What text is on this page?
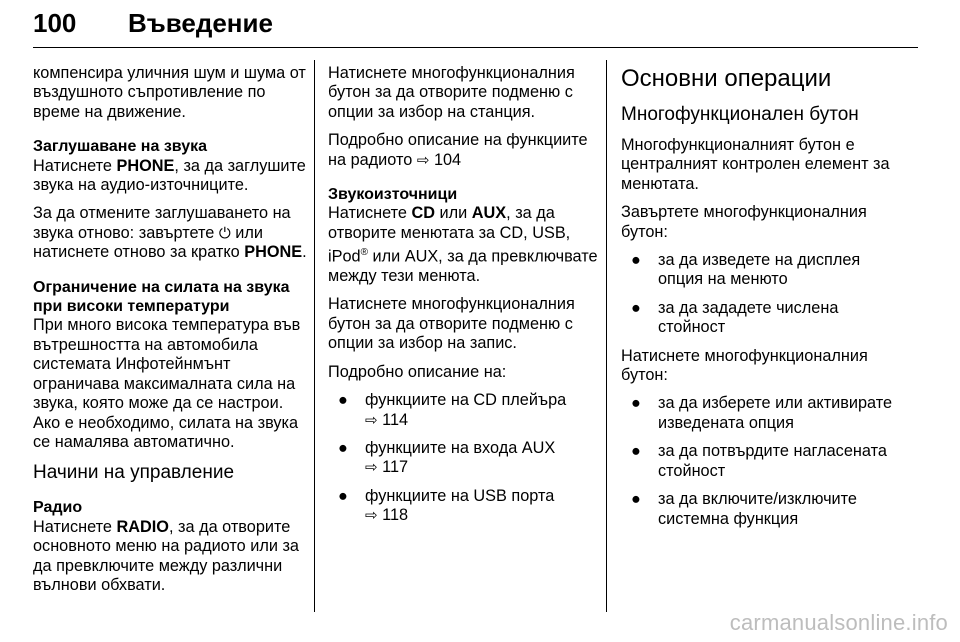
100 Въведение

компенсира уличния шум и шума от въздушното съпротивление по време на движение.

Заглушаване на звука

Натиснете PHONE, за да заглушите звука на аудио-източниците.

За да отмените заглушаването на звука отново: завъртете ⏻ или натиснете отново за кратко PHONE.

Ограничение на силата на звука при високи температури

При много висока температура във вътрешността на автомобила системата Инфотейнмънт ограничава максималната сила на звука, която може да се настрои. Ако е необходимо, силата на звука се намалява автоматично.

Начини на управление
Радио

Натиснете RADIO, за да отворите основното меню на радиото или за да превключите между различни вълнови обхвати.

Натиснете многофункционалния бутон за да отворите подменю с опции за избор на станция.

Подробно описание на функциите на радиото ⇨ 104

Звукоизточници

Натиснете CD или AUX, за да отворите менютата за CD, USB, iPod® или AUX, за да превключвате между тези менюта.

Натиснете многофункционалния бутон за да отворите подменю с опции за избор на запис.

Подробно описание на:

● функциите на CD плейъра
⇨ 114
● функциите на входа AUX
⇨ 117
● функциите на USB порта
⇨ 118
Основни операции
Многофункционален бутон

Многофункционалният бутон е централният контролен елемент за менютата.

Завъртете многофункционалния бутон:

● за да изведете на дисплея опция на менюто
● за да зададете числена стойност

Натиснете многофункционалния бутон:

● за да изберете или активирате изведената опция
● за да потвърдите нагласената стойност
● за да включите/изключите системна функция
carmanualsonline.info
